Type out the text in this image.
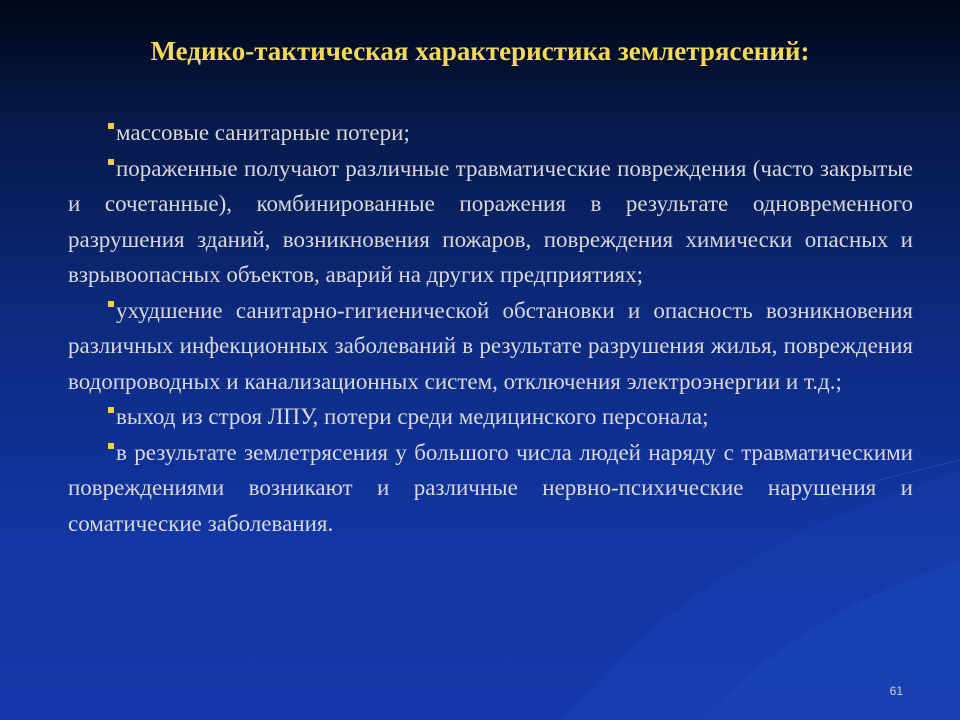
Медико-тактическая характеристика землетрясений:

массовые санитарные потери;

пораженные получают различные травматические повреждения (часто закрытые и сочетанные), комбинированные поражения в результате одновременного разрушения зданий, возникновения пожаров, повреждения химически опасных и взрывоопасных объектов, аварий на других предприятиях;

ухудшение санитарно-гигиенической обстановки и опасность возникновения различных инфекционных заболеваний в результате разрушения жилья, повреждения водопроводных и канализационных систем, отключения электроэнергии и т.д.;

выход из строя ЛПУ, потери среди медицинского персонала;

в результате землетрясения у большого числа людей наряду с травматическими повреждениями возникают и различные нервно-психические нарушения и соматические заболевания.

61
